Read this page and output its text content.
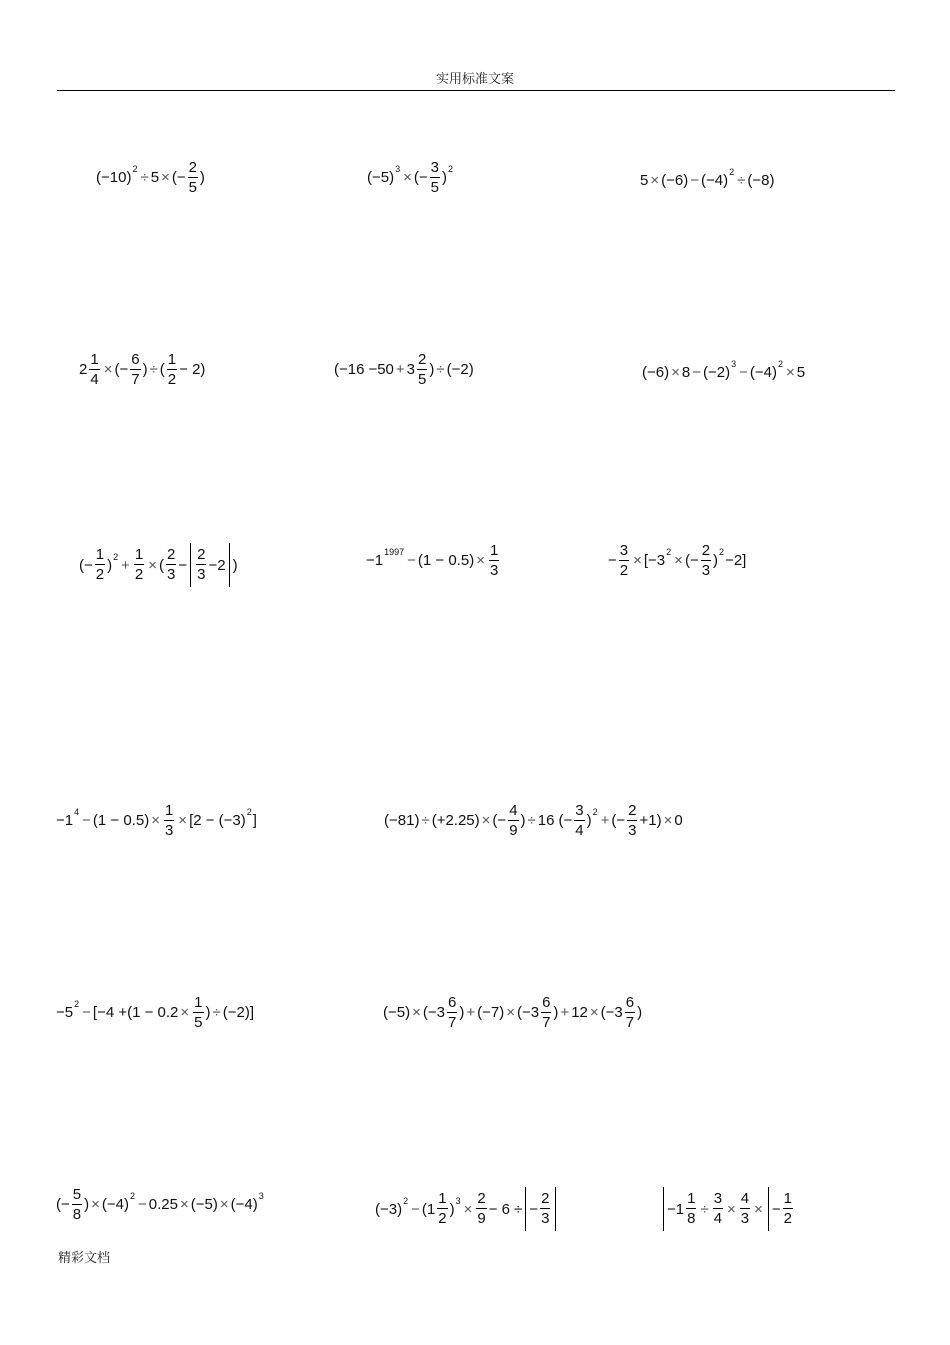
实用标准文案
( −10 ) 2 ÷ 5 × ( − $\frac{2}{5}$ )	( −5 ) 3 × ( − $\frac{3}{5}$ ) 2
5 × ( −6 ) − ( −4 ) 2 ÷ ( −8 )
$2 \frac{1}{4}$ × ( − $\frac{6}{7}$ ) ÷ ( $\frac{1}{2} - 2$ )	( $-16 -50 + 3 \frac{2}{5}$ ) ÷ ( −2 )	( −6 ) × 8 − ( −2 ) 3 − ( −4 ) 2 × 5
( − $\frac{1}{2}$ ) $2 + \frac{1}{2}$ × ( $\frac{2}{3} - \frac{2}{3} -2$ )	−1 1997 − ( 1 − 0.5 ) × $\frac{1}{3}$	− $\frac{3}{2}$ × [ −3 2 × ( − $\frac{2}{3}$ ) 2 −2 ]
−1 4 − ( 1 − 0.5 ) × $\frac{1}{3}$ × [ 2 − ( −3 ) 2 ]	( −81 ) ÷ ( +2.25 ) × ( − $\frac{4}{9}$ ) ÷ 16 ( − $\frac{3}{4}$ ) 2 + ( − $\frac{2}{3} +1$ ) × 0
−5 2 − [ −4 + ( $1 - 0.2 \times \frac{1}{5}$ ) ÷ ( −2 ) ]	( −5 ) × ( $-3 \frac{6}{7}$ ) + ( −7 ) × ( $-3 \frac{6}{7}$ ) + 12 × ( $-3 \frac{6}{7}$ )
( − $\frac{5}{8}$ ) × ( −4 ) 2 − 0.25 × ( −5 ) × ( −4 ) 3
( −3 ) 2 − ( $1 \frac{1}{2}$ ) $3 \times \frac{2}{9} - 6$ ÷ − $\frac{2}{3}$	$-1 \frac{1}{8} \div \frac{3}{4} \times \frac{4}{3}$ × − $\frac{1}{2}$
精彩文档
